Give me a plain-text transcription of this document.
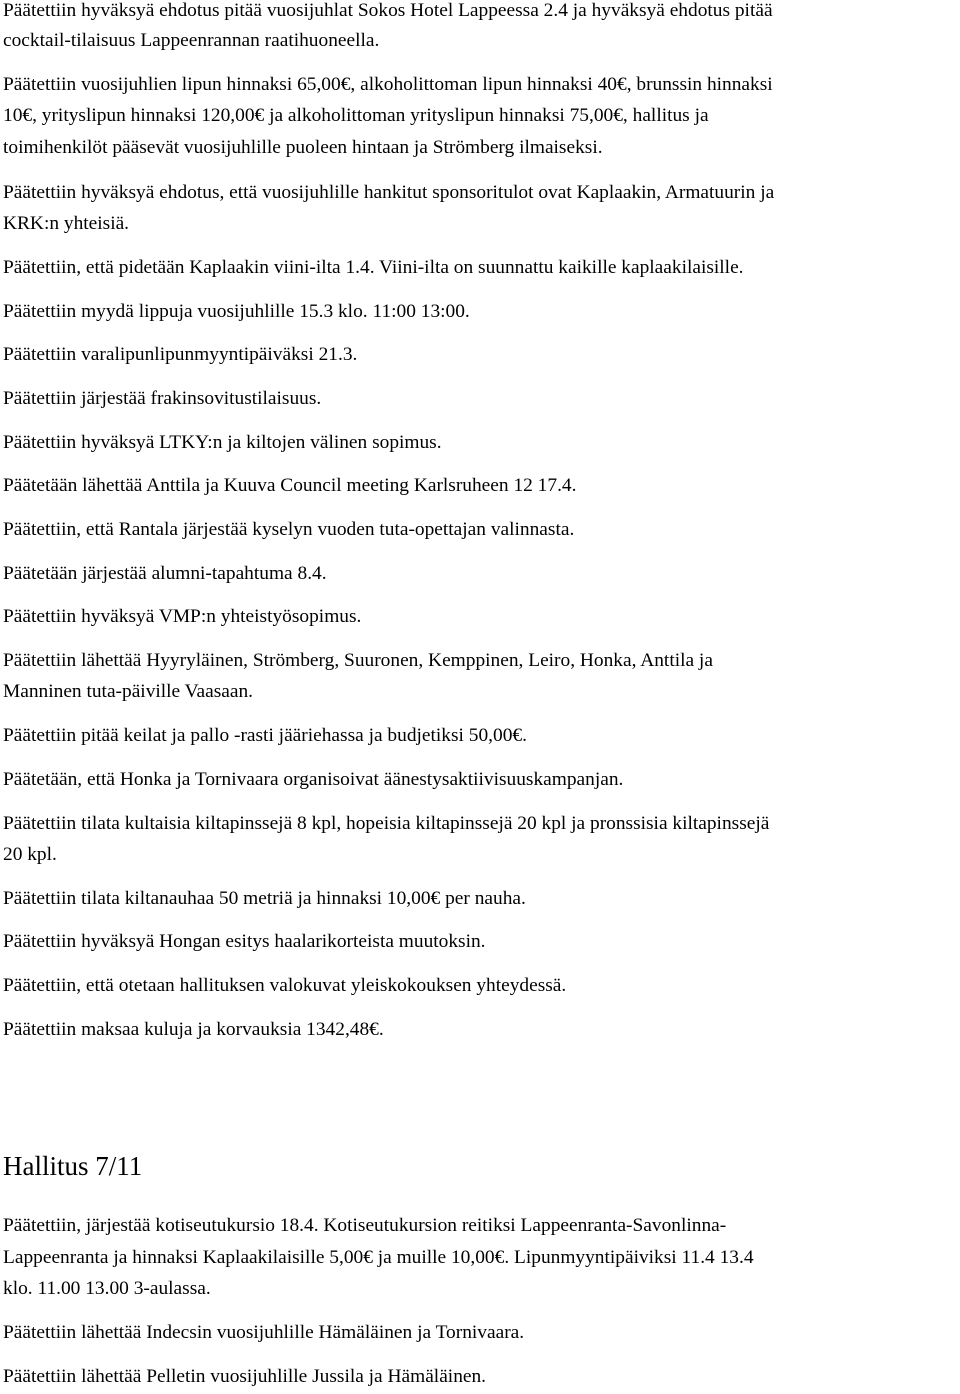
Päätettiin hyväksyä ehdotus pitää vuosijuhlat Sokos Hotel Lappeessa 2.4 ja hyväksyä ehdotus pitää
cocktail-tilaisuus Lappeenrannan raatihuoneella.
Päätettiin vuosijuhlien lipun hinnaksi 65,00€, alkoholittoman lipun hinnaksi 40€, brunssin hinnaksi
10€, yrityslipun hinnaksi 120,00€ ja alkoholittoman yrityslipun hinnaksi 75,00€, hallitus ja
toimihenkilöt pääsevät vuosijuhlille puoleen hintaan ja Strömberg ilmaiseksi.
Päätettiin hyväksyä ehdotus, että vuosijuhlille hankitut sponsoritulot ovat Kaplaakin, Armatuurin ja
KRK:n yhteisiä.
Päätettiin, että pidetään Kaplaakin viini-ilta 1.4. Viini-ilta on suunnattu kaikille kaplaakilaisille.
Päätettiin myydä lippuja vuosijuhlille 15.3 klo. 11:00 13:00.
Päätettiin varalipunlipunmyyntipäiväksi 21.3.
Päätettiin järjestää frakinsovitustilaisuus.
Päätettiin hyväksyä LTKY:n ja kiltojen välinen sopimus.
Päätetään lähettää Anttila ja Kuuva Council meeting Karlsruheen 12 17.4.
Päätettiin, että Rantala järjestää kyselyn vuoden tuta-opettajan valinnasta.
Päätetään järjestää alumni-tapahtuma 8.4.
Päätettiin hyväksyä VMP:n yhteistyösopimus.
Päätettiin lähettää Hyyryläinen, Strömberg, Suuronen, Kemppinen, Leiro, Honka, Anttila ja
Manninen tuta-päiville Vaasaan.
Päätettiin pitää keilat ja pallo -rasti jääriehassa ja budjetiksi 50,00€.
Päätetään, että Honka ja Tornivaara organisoivat äänestysaktiivisuuskampanjan.
Päätettiin tilata kultaisia kiltapinssejä 8 kpl, hopeisia kiltapinssejä 20 kpl ja pronssisia kiltapinssejä
20 kpl.
Päätettiin tilata kiltanauhaa 50 metriä ja hinnaksi 10,00€ per nauha.
Päätettiin hyväksyä Hongan esitys haalarikorteista muutoksin.
Päätettiin, että otetaan hallituksen valokuvat yleiskokouksen yhteydessä.
Päätettiin maksaa kuluja ja korvauksia 1342,48€.
Hallitus 7/11
Päätettiin, järjestää kotiseutukursio 18.4. Kotiseutukursion reitiksi Lappeenranta-Savonlinna-
Lappeenranta ja hinnaksi Kaplaakilaisille 5,00€ ja muille 10,00€. Lipunmyyntipäiviksi 11.4 13.4
klo. 11.00 13.00 3-aulassa.
Päätettiin lähettää Indecsin vuosijuhlille Hämäläinen ja Tornivaara.
Päätettiin lähettää Pelletin vuosijuhlille Jussila ja Hämäläinen.
